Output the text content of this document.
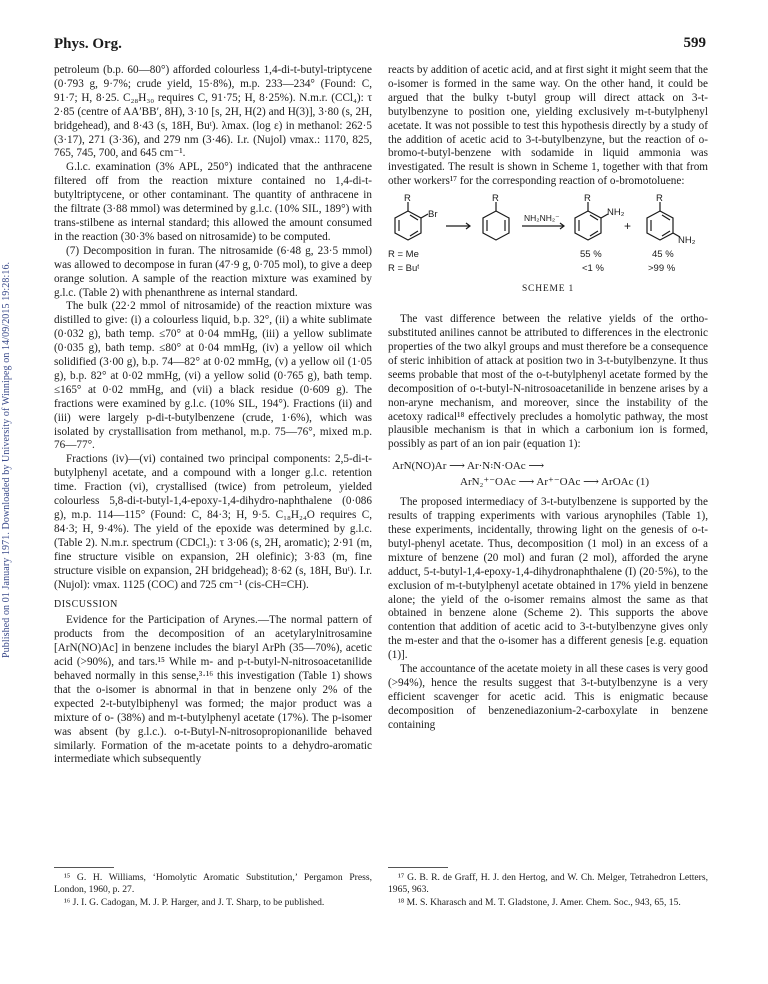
Published on 01 January 1971. Downloaded by University of Winnipeg on 14/09/2015 19:28:16.
Phys. Org.	599

petroleum (b.p. 60—80°) afforded colourless 1,4-di-t-butyl-triptycene (0·793 g, 9·7%; crude yield, 15·8%), m.p. 233—234° (Found: C, 91·7; H, 8·25. C₂₈H₃₀ requires C, 91·75; H, 8·25%). N.m.r. (CCl₄): τ 2·85 (centre of AA′BB′, 8H), 3·10 [s, 2H, H(2) and H(3)], 3·80 (s, 2H, bridgehead), and 8·43 (s, 18H, Buᵗ). λmax. (log ε) in methanol: 262·5 (3·17), 271 (3·36), and 279 nm (3·46). I.r. (Nujol) νmax.: 1170, 825, 765, 745, 700, and 645 cm⁻¹.

G.l.c. examination (3% APL, 250°) indicated that the anthracene filtered off from the reaction mixture contained no 1,4-di-t-butyltriptycene, or other contaminant. The quantity of anthracene in the filtrate (3·88 mmol) was determined by g.l.c. (10% SIL, 189°) with trans-stilbene as internal standard; this allowed the amount consumed in the reaction (30·3% based on nitrosamide) to be computed.

(7) Decomposition in furan. The nitrosamide (6·48 g, 23·5 mmol) was allowed to decompose in furan (47·9 g, 0·705 mol), to give a deep orange solution. A sample of the reaction mixture was examined by g.l.c. (Table 2) with phenanthrene as internal standard.

The bulk (22·2 mmol of nitrosamide) of the reaction mixture was distilled to give: (i) a colourless liquid, b.p. 32°, (ii) a white sublimate (0·032 g), bath temp. ≤70° at 0·04 mmHg, (iii) a yellow sublimate (0·035 g), bath temp. ≤80° at 0·04 mmHg, (iv) a yellow oil which solidified (3·00 g), b.p. 74—82° at 0·02 mmHg, (v) a yellow oil (1·05 g), b.p. 82° at 0·02 mmHg, (vi) a yellow solid (0·765 g), bath temp. ≤165° at 0·02 mmHg, and (vii) a black residue (0·609 g). The fractions were examined by g.l.c. (10% SIL, 194°). Fractions (ii) and (iii) were largely p-di-t-butylbenzene (crude, 1·6%), which was isolated by crystallisation from methanol, m.p. 75—76°, mixed m.p. 76—77°.

Fractions (iv)—(vi) contained two principal components: 2,5-di-t-butylphenyl acetate, and a compound with a longer g.l.c. retention time. Fraction (vi), crystallised (twice) from petroleum, yielded colourless 5,8-di-t-butyl-1,4-epoxy-1,4-dihydro-naphthalene (0·086 g), m.p. 114—115° (Found: C, 84·3; H, 9·5. C₁₈H₂₄O requires C, 84·3; H, 9·4%). The yield of the epoxide was determined by g.l.c. (Table 2). N.m.r. spectrum (CDCl₃): τ 3·06 (s, 2H, aromatic); 2·91 (m, fine structure visible on expansion, 2H olefinic); 3·83 (m, fine structure visible on expansion, 2H bridgehead); 8·62 (s, 18H, Buᵗ). I.r. (Nujol): νmax. 1125 (COC) and 725 cm⁻¹ (cis-CH=CH).

DISCUSSION

Evidence for the Participation of Arynes.—The normal pattern of products from the decomposition of an acetylarylnitrosamine [ArN(NO)Ac] in benzene includes the biaryl ArPh (35—70%), acetic acid (>90%), and tars.¹⁵ While m- and p-t-butyl-N-nitrosoacetanilide behaved normally in this sense,³·¹⁶ this investigation (Table 1) shows that the o-isomer is abnormal in that in benzene only 2% of the expected 2-t-butylbiphenyl was formed; the major product was a mixture of o- (38%) and m-t-butylphenyl acetate (17%). The p-isomer was absent (by g.l.c.). o-t-Butyl-N-nitrosopropionanilide behaved similarly. Formation of the m-acetate points to a dehydro-aromatic intermediate which subsequently

reacts by addition of acetic acid, and at first sight it might seem that the o-isomer is formed in the same way. On the other hand, it could be argued that the bulky t-butyl group will direct attack on 3-t-butylbenzyne to position one, yielding exclusively m-t-butylphenyl acetate. It was not possible to test this hypothesis directly by a study of the addition of acetic acid to 3-t-butylbenzyne, but the reaction of o-bromo-t-butyl-benzene with sodamide in liquid ammonia was investigated. The result is shown in Scheme 1, together with that from other workers¹⁷ for the corresponding reaction of o-bromotoluene:

R
Br
R
NH₂NH₂⁻
R
NH₂
+
R
NH₂
R = Me	55 %	45 %
R = Buᵗ	<1 %	>99 %

SCHEME 1

The vast difference between the relative yields of the ortho-substituted anilines cannot be attributed to differences in the electronic properties of the two alkyl groups and must therefore be a consequence of steric inhibition of attack at position two in 3-t-butylbenzyne. It thus seems probable that most of the o-t-butylphenyl acetate formed by the decomposition of o-t-butyl-N-nitrosoacetanilide in benzene arises by a non-aryne mechanism, and moreover, since the instability of the acetoxy radical¹⁸ effectively precludes a homolytic pathway, the most plausible mechanism is that in which a carbonium ion is formed, possibly as part of an ion pair (equation 1):

ArN(NO)Ar ⟶ Ar·N꞉N·OAc ⟶
ArN₂⁺⁻OAc ⟶ Ar⁺⁻OAc ⟶ ArOAc (1)

The proposed intermediacy of 3-t-butylbenzene is supported by the results of trapping experiments with various arynophiles (Table 1), these experiments, incidentally, throwing light on the genesis of o-t-butyl-phenyl acetate. Thus, decomposition (1 mol) in an excess of a mixture of benzene (20 mol) and furan (2 mol), afforded the aryne adduct, 5-t-butyl-1,4-epoxy-1,4-dihydronaphthalene (I) (20·5%), to the exclusion of m-t-butylphenyl acetate obtained in 17% yield in benzene alone; the yield of the o-isomer remains almost the same as that obtained in benzene alone (Scheme 2). This supports the above contention that addition of acetic acid to 3-t-butylbenzyne gives only the m-ester and that the o-isomer has a different genesis [e.g. equation (1)].

The accountance of the acetate moiety in all these cases is very good (>94%), hence the results suggest that 3-t-butylbenzyne is a very efficient scavenger for acetic acid. This is enigmatic because decomposition of benzenediazonium-2-carboxylate in benzene containing

¹⁵ G. H. Williams, ‘Homolytic Aromatic Substitution,’ Pergamon Press, London, 1960, p. 27.

¹⁶ J. I. G. Cadogan, M. J. P. Harger, and J. T. Sharp, to be published.

¹⁷ G. B. R. de Graff, H. J. den Hertog, and W. Ch. Melger, Tetrahedron Letters, 1965, 963.

¹⁸ M. S. Kharasch and M. T. Gladstone, J. Amer. Chem. Soc., 943, 65, 15.
